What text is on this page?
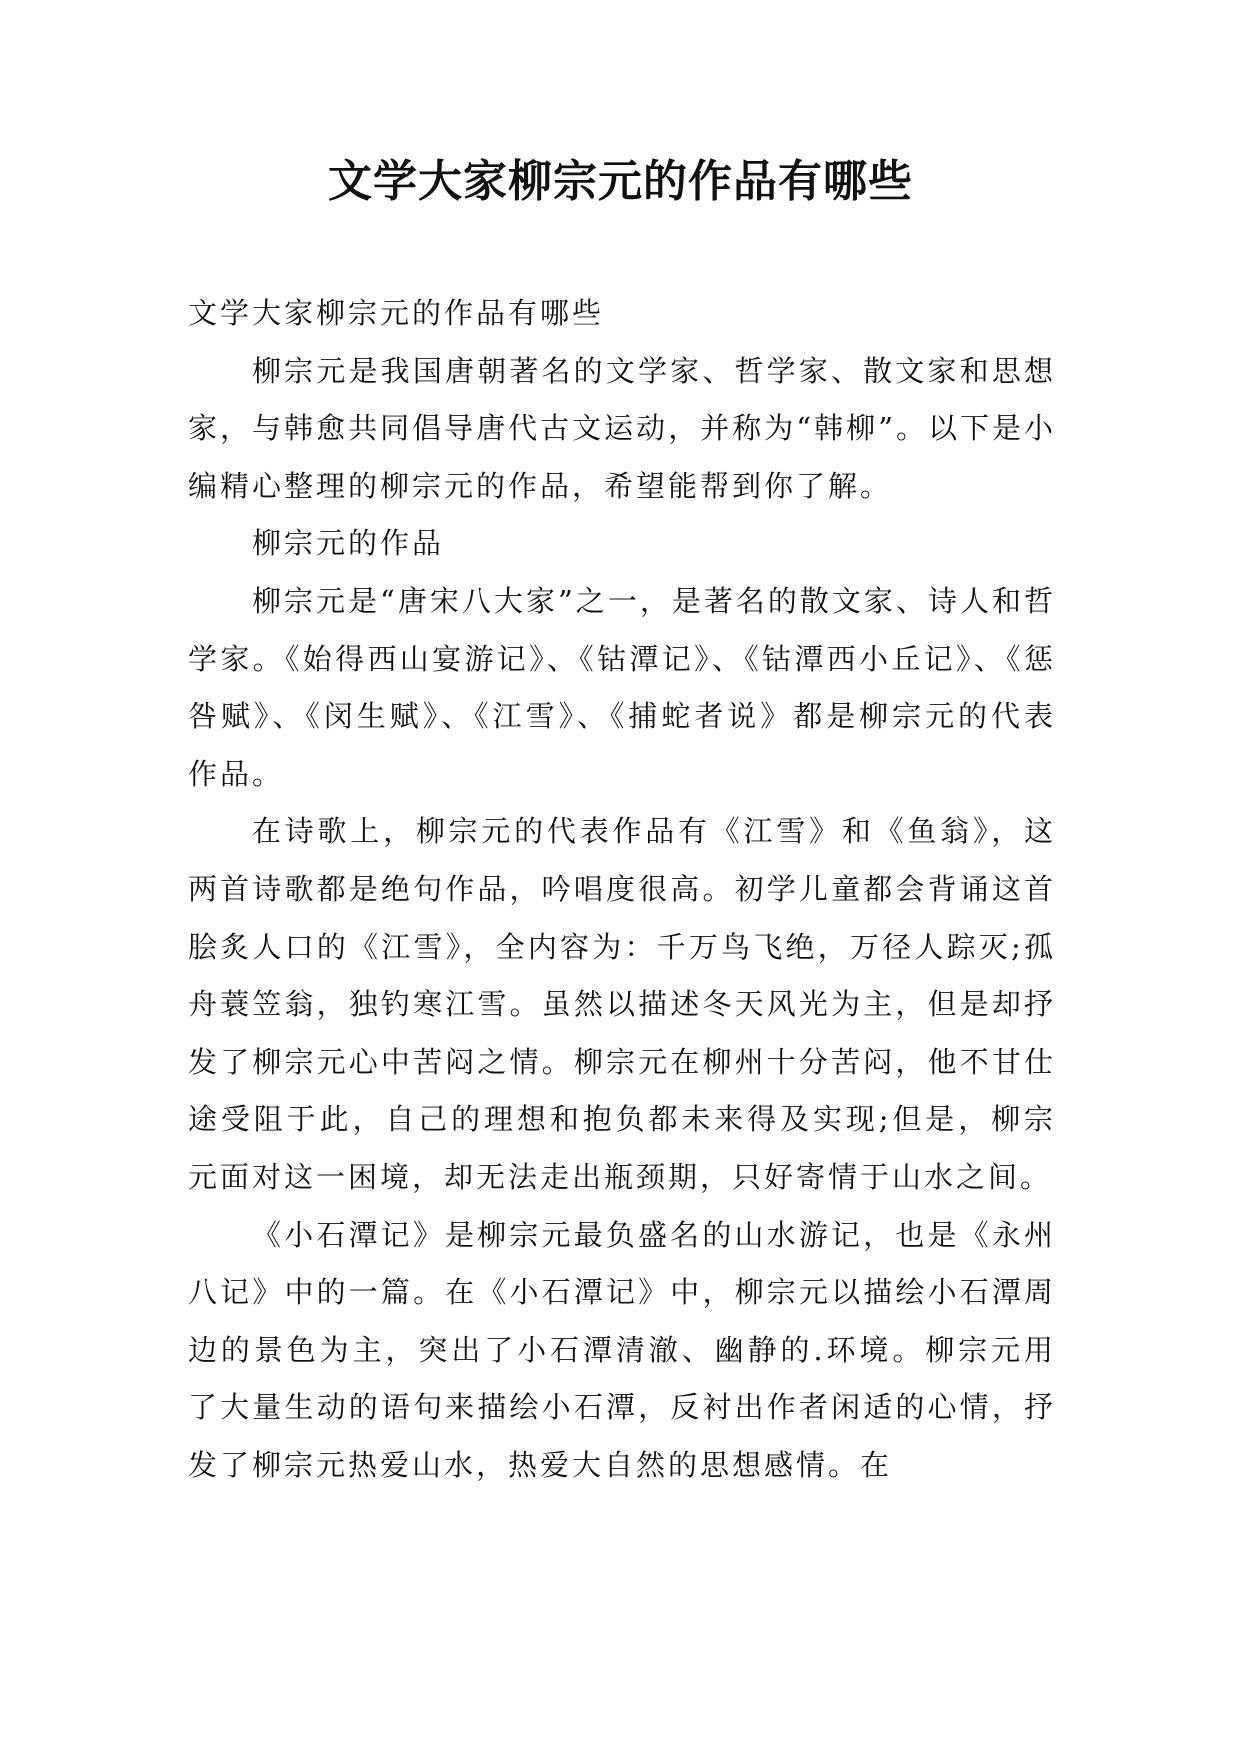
文学大家柳宗元的作品有哪些

文学大家柳宗元的作品有哪些

柳宗元是我国唐朝著名的文学家、哲学家、散文家和思想家，与韩愈共同倡导唐代古文运动，并称为“韩柳”。以下是小编精心整理的柳宗元的作品，希望能帮到你了解。

柳宗元的作品

柳宗元是“唐宋八大家”之一，是著名的散文家、诗人和哲学家。《始得西山宴游记》、《钴潭记》、《钴潭西小丘记》、《惩咎赋》、《闵生赋》、《江雪》、《捕蛇者说》都是柳宗元的代表作品。

在诗歌上，柳宗元的代表作品有《江雪》和《鱼翁》，这两首诗歌都是绝句作品，吟唱度很高。初学儿童都会背诵这首脍炙人口的《江雪》，全内容为：千万鸟飞绝，万径人踪灭;孤舟蓑笠翁，独钓寒江雪。虽然以描述冬天风光为主，但是却抒发了柳宗元心中苦闷之情。柳宗元在柳州十分苦闷，他不甘仕途受阻于此，自己的理想和抱负都未来得及实现;但是，柳宗元面对这一困境，却无法走出瓶颈期，只好寄情于山水之间。

《小石潭记》是柳宗元最负盛名的山水游记，也是《永州八记》中的一篇。在《小石潭记》中，柳宗元以描绘小石潭周边的景色为主，突出了小石潭清澈、幽静的.环境。柳宗元用了大量生动的语句来描绘小石潭，反衬出作者闲适的心情，抒发了柳宗元热爱山水，热爱大自然的思想感情。在
